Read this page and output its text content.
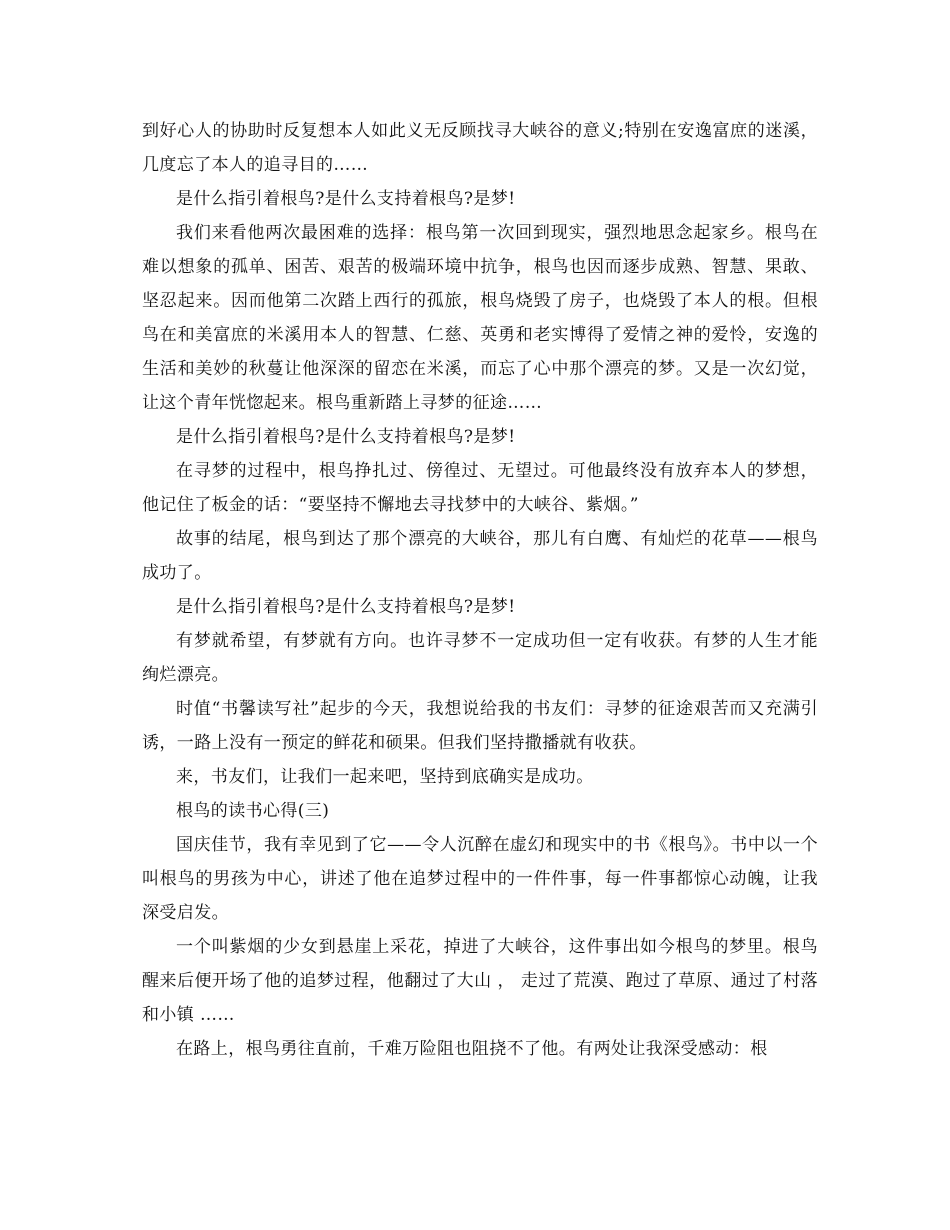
到好心人的协助时反复想本人如此义无反顾找寻大峡谷的意义;特别在安逸富庶的迷溪，几度忘了本人的追寻目的……

是什么指引着根鸟?是什么支持着根鸟?是梦!

我们来看他两次最困难的选择：根鸟第一次回到现实，强烈地思念起家乡。根鸟在难以想象的孤单、困苦、艰苦的极端环境中抗争，根鸟也因而逐步成熟、智慧、果敢、坚忍起来。因而他第二次踏上西行的孤旅，根鸟烧毁了房子，也烧毁了本人的根。但根鸟在和美富庶的米溪用本人的智慧、仁慈、英勇和老实博得了爱情之神的爱怜，安逸的生活和美妙的秋蔓让他深深的留恋在米溪，而忘了心中那个漂亮的梦。又是一次幻觉，让这个青年恍惚起来。根鸟重新踏上寻梦的征途……

是什么指引着根鸟?是什么支持着根鸟?是梦!

在寻梦的过程中，根鸟挣扎过、傍徨过、无望过。可他最终没有放弃本人的梦想，他记住了板金的话：“要坚持不懈地去寻找梦中的大峡谷、紫烟。”

故事的结尾，根鸟到达了那个漂亮的大峡谷，那儿有白鹰、有灿烂的花草——根鸟成功了。

是什么指引着根鸟?是什么支持着根鸟?是梦!

有梦就希望，有梦就有方向。也许寻梦不一定成功但一定有收获。有梦的人生才能绚烂漂亮。

时值“书馨读写社”起步的今天，我想说给我的书友们：寻梦的征途艰苦而又充满引诱，一路上没有一预定的鲜花和硕果。但我们坚持撒播就有收获。

来，书友们，让我们一起来吧，坚持到底确实是成功。

根鸟的读书心得(三)

国庆佳节，我有幸见到了它——令人沉醉在虚幻和现实中的书《根鸟》。书中以一个叫根鸟的男孩为中心，讲述了他在追梦过程中的一件件事，每一件事都惊心动魄，让我深受启发。

一个叫紫烟的少女到悬崖上采花，掉进了大峡谷，这件事出如今根鸟的梦里。根鸟醒来后便开场了他的追梦过程，他翻过了大山 ， 走过了荒漠、跑过了草原、通过了村落和小镇 ……

在路上，根鸟勇往直前，千难万险阻也阻挠不了他。有两处让我深受感动：根
